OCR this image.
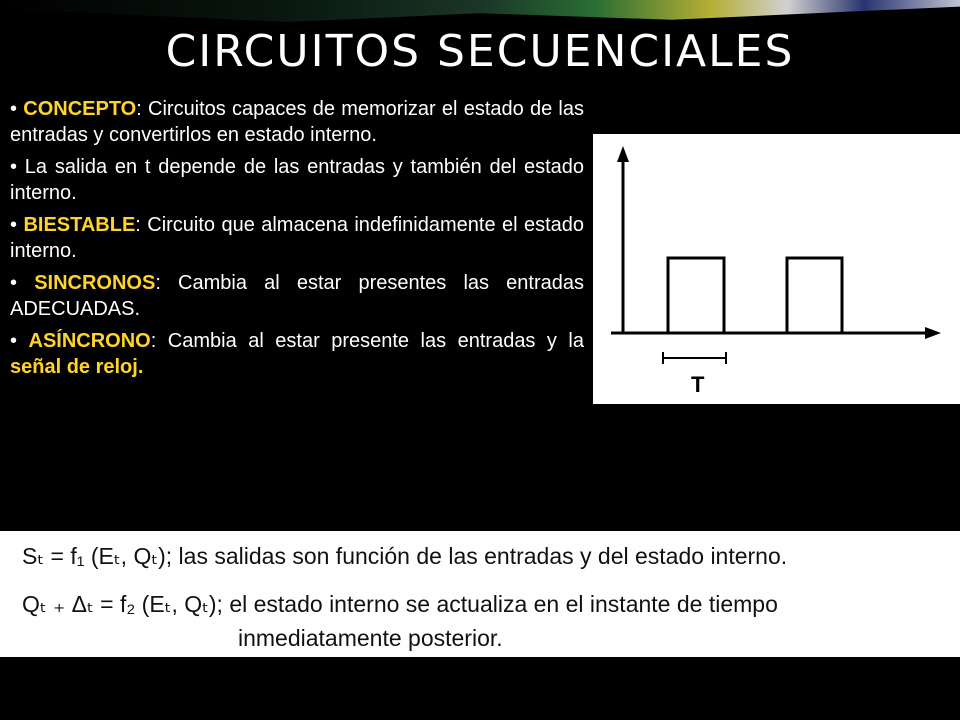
CIRCUITOS SECUENCIALES

• CONCEPTO: Circuitos capaces de memorizar el estado de las entradas y convertirlos en estado interno.

• La salida en t depende de las entradas y también del estado interno.

• BIESTABLE: Circuito que almacena indefinidamente el estado interno.

• SINCRONOS: Cambia al estar presentes las entradas ADECUADAS.

• ASÍNCRONO: Cambia al estar presente las entradas y la señal de reloj.

T
Sₜ = f₁ (Eₜ, Qₜ); las salidas son función de las entradas y del estado interno.
Qₜ ₊ Δₜ = f₂ (Eₜ, Qₜ); el estado interno se actualiza en el instante de tiempo
inmediatamente posterior.
